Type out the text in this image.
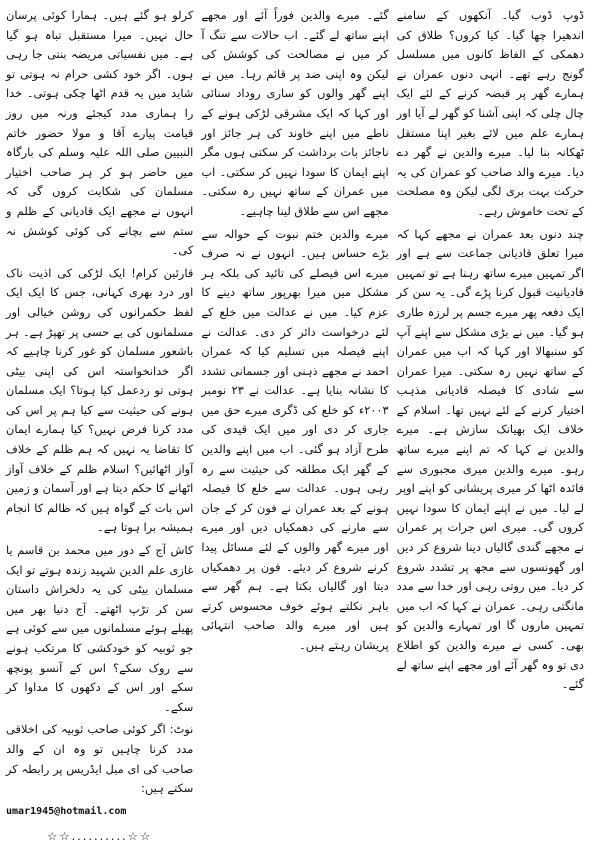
ڈوپ ڈوب گیا۔ آنکھوں کے سامنے اندھیرا چھا گیا۔ کیا کروں؟ طلاق کی دھمکی کے الفاظ کانوں میں مسلسل گونج رہے تھے۔ انہی دنوں عمران نے ہمارے گھر پر قبضہ کرنے کے لئے ایک چال چلی کہ اپنی آشنا کو گھر لے آیا اور ہمارے علم میں لائے بغیر اپنا مستقل ٹھکانہ بنا لیا۔ میرے والدین نے گھر دے دیا۔ میرے والد صاحب کو عمران کی یہ حرکت بہت بری لگی لیکن وہ مصلحت کے تحت خاموش رہے۔

چند دنوں بعد عمران نے مجھے کہا کہ میرا تعلق قادیانی جماعت سے ہے اور اگر تمہیں میرے ساتھ رہنا ہے تو تمہیں قادیانیت قبول کرنا پڑے گی۔ یہ سن کر ایک دفعہ پھر میرے جسم پر لرزہ طاری ہو گیا۔ میں نے بڑی مشکل سے اپنے آپ کو سنبھالا اور کہا کہ اب میں عمران کے ساتھ نہیں رہ سکتی۔ میرا عمران سے شادی کا فیصلہ قادیانی مذہب اختیار کرنے کے لئے نہیں تھا۔ اسلام کے خلاف ایک بھیانک سازش ہے۔ میرے والدین نے کہا کہ تم اپنے میرے ساتھ رہو۔ میرے والدین میری مجبوری سے فائدہ اٹھا کر میری پریشانی کو اپنے اوپر لے لیا۔ میں نے اپنے ایمان کا سودا نہیں کروں گی۔ میری اس جرات پر عمران نے مجھے گندی گالیاں دینا شروع کر دیں اور گھونسوں سے مجھ پر تشدد شروع کر دیا۔ میں روتی رہی اور خدا سے مدد مانگتی رہی۔ عمران نے کہا کہ اب میں تمہیں ماروں گا اور تمہارے والدین کو بھی۔ کسی نے میرے والدین کو اطلاع دی تو وہ گھر آئے اور مجھے اپنے ساتھ لے گئے۔

گئے۔ میرے والدین فوراً آئے اور مجھے اپنے ساتھ لے گئے۔ اب حالات سے تنگ آ کر میں نے مصالحت کی کوشش کی لیکن وہ اپنی ضد پر قائم رہا۔ میں نے اپنے گھر والوں کو ساری روداد سنائی اور کہا کہ ایک مشرقی لڑکی ہونے کے ناطے میں اپنے خاوند کی ہر جائز اور ناجائز بات برداشت کر سکتی ہوں مگر اپنے ایمان کا سودا نہیں کر سکتی۔ اب میں عمران کے ساتھ نہیں رہ سکتی۔ مجھے اس سے طلاق لینا چاہیے۔

میرے والدین ختم نبوت کے حوالہ سے بڑے حساس ہیں۔ انہوں نے نہ صرف میرے اس فیصلے کی تائید کی بلکہ ہر مشکل میں میرا بھرپور ساتھ دینے کا عزم کیا۔ میں نے عدالت میں خلع کے لئے درخواست دائر کر دی۔ عدالت نے اپنے فیصلہ میں تسلیم کیا کہ عمران احمد نے مجھے ذہنی اور جسمانی تشدد کا نشانہ بنایا ہے۔ عدالت نے ۲۳ نومبر ۲۰۰۳ء کو خلع کی ڈگری میرے حق میں جاری کر دی اور میں ایک قیدی کی طرح آزاد ہو گئی۔ اب میں اپنے والدین کے گھر ایک مطلقہ کی حیثیت سے رہ رہی ہوں۔ عدالت سے خلع کا فیصلہ ہونے کے بعد عمران نے فون کر کے جان سے مارنے کی دھمکیاں دیں اور میرے اور میرے گھر والوں کے لئے مسائل پیدا کرنے شروع کر دیئے۔ فون پر دھمکیاں دیتا اور گالیاں بکتا ہے۔ ہم گھر سے باہر نکلتے ہوئے خوف محسوس کرتے ہیں اور میرے والد صاحب انتہائی پریشان رہتے ہیں۔

کرلو ہو گئے ہیں۔ ہمارا کوئی پرسان حال نہیں۔ میرا مستقبل تباہ ہو گیا ہے۔ میں نفسیاتی مریضہ بنتی جا رہی ہوں۔ اگر خود کشی حرام نہ ہوتی تو شاید میں یہ قدم اٹھا چکی ہوتی۔ خدا را ہماری مدد کیجئے ورنہ میں روز قیامت پیارے آقا و مولا حضور خاتم النبیین صلی اللہ علیہ وسلم کی بارگاہ میں حاضر ہو کر ہر صاحب اختیار مسلمان کی شکایت کروں گی کہ انہوں نے مجھے ایک قادیانی کے ظلم و ستم سے بچانے کی کوئی کوشش نہ کی۔

قارئین کرام! ایک لڑکی کی اذیت ناک اور درد بھری کہانی، جس کا ایک ایک لفظ حکمرانوں کی روشن خیالی اور مسلمانوں کی بے حسی پر تھپڑ ہے۔ ہر باشعور مسلمان کو غور کرنا چاہیے کہ اگر خدانخواستہ اس کی اپنی بیٹی ہوتی تو ردعمل کیا ہوتا؟ ایک مسلمان ہونے کی حیثیت سے کیا ہم پر اس کی مدد کرنا فرض نہیں؟ کیا ہمارے ایمان کا تقاضا یہ نہیں کہ ہم ظلم کے خلاف آواز اٹھائیں؟ اسلام ظلم کے خلاف آواز اٹھانے کا حکم دیتا ہے اور آسمان و زمین اس بات کے گواہ ہیں کہ ظالم کا انجام ہمیشہ برا ہوتا ہے۔

کاش آج کے دور میں محمد بن قاسم یا غازی علم الدین شہید زندہ ہوتے تو ایک مسلمان بیٹی کی یہ دلخراش داستان سن کر تڑپ اٹھتے۔ آج دنیا بھر میں پھیلے ہوئے مسلمانوں میں سے کوئی ہے جو ثوبیہ کو خودکشی کا مرتکب ہونے سے روک سکے؟ اس کے آنسو پونچھ سکے اور اس کے دکھوں کا مداوا کر سکے۔

نوٹ: اگر کوئی صاحب ثوبیہ کی اخلاقی مدد کرنا چاہیں تو وہ ان کے والد صاحب کی ای میل ایڈریس پر رابطہ کر سکتے ہیں:

umar1945@hotmail.com
☆☆..........☆☆
